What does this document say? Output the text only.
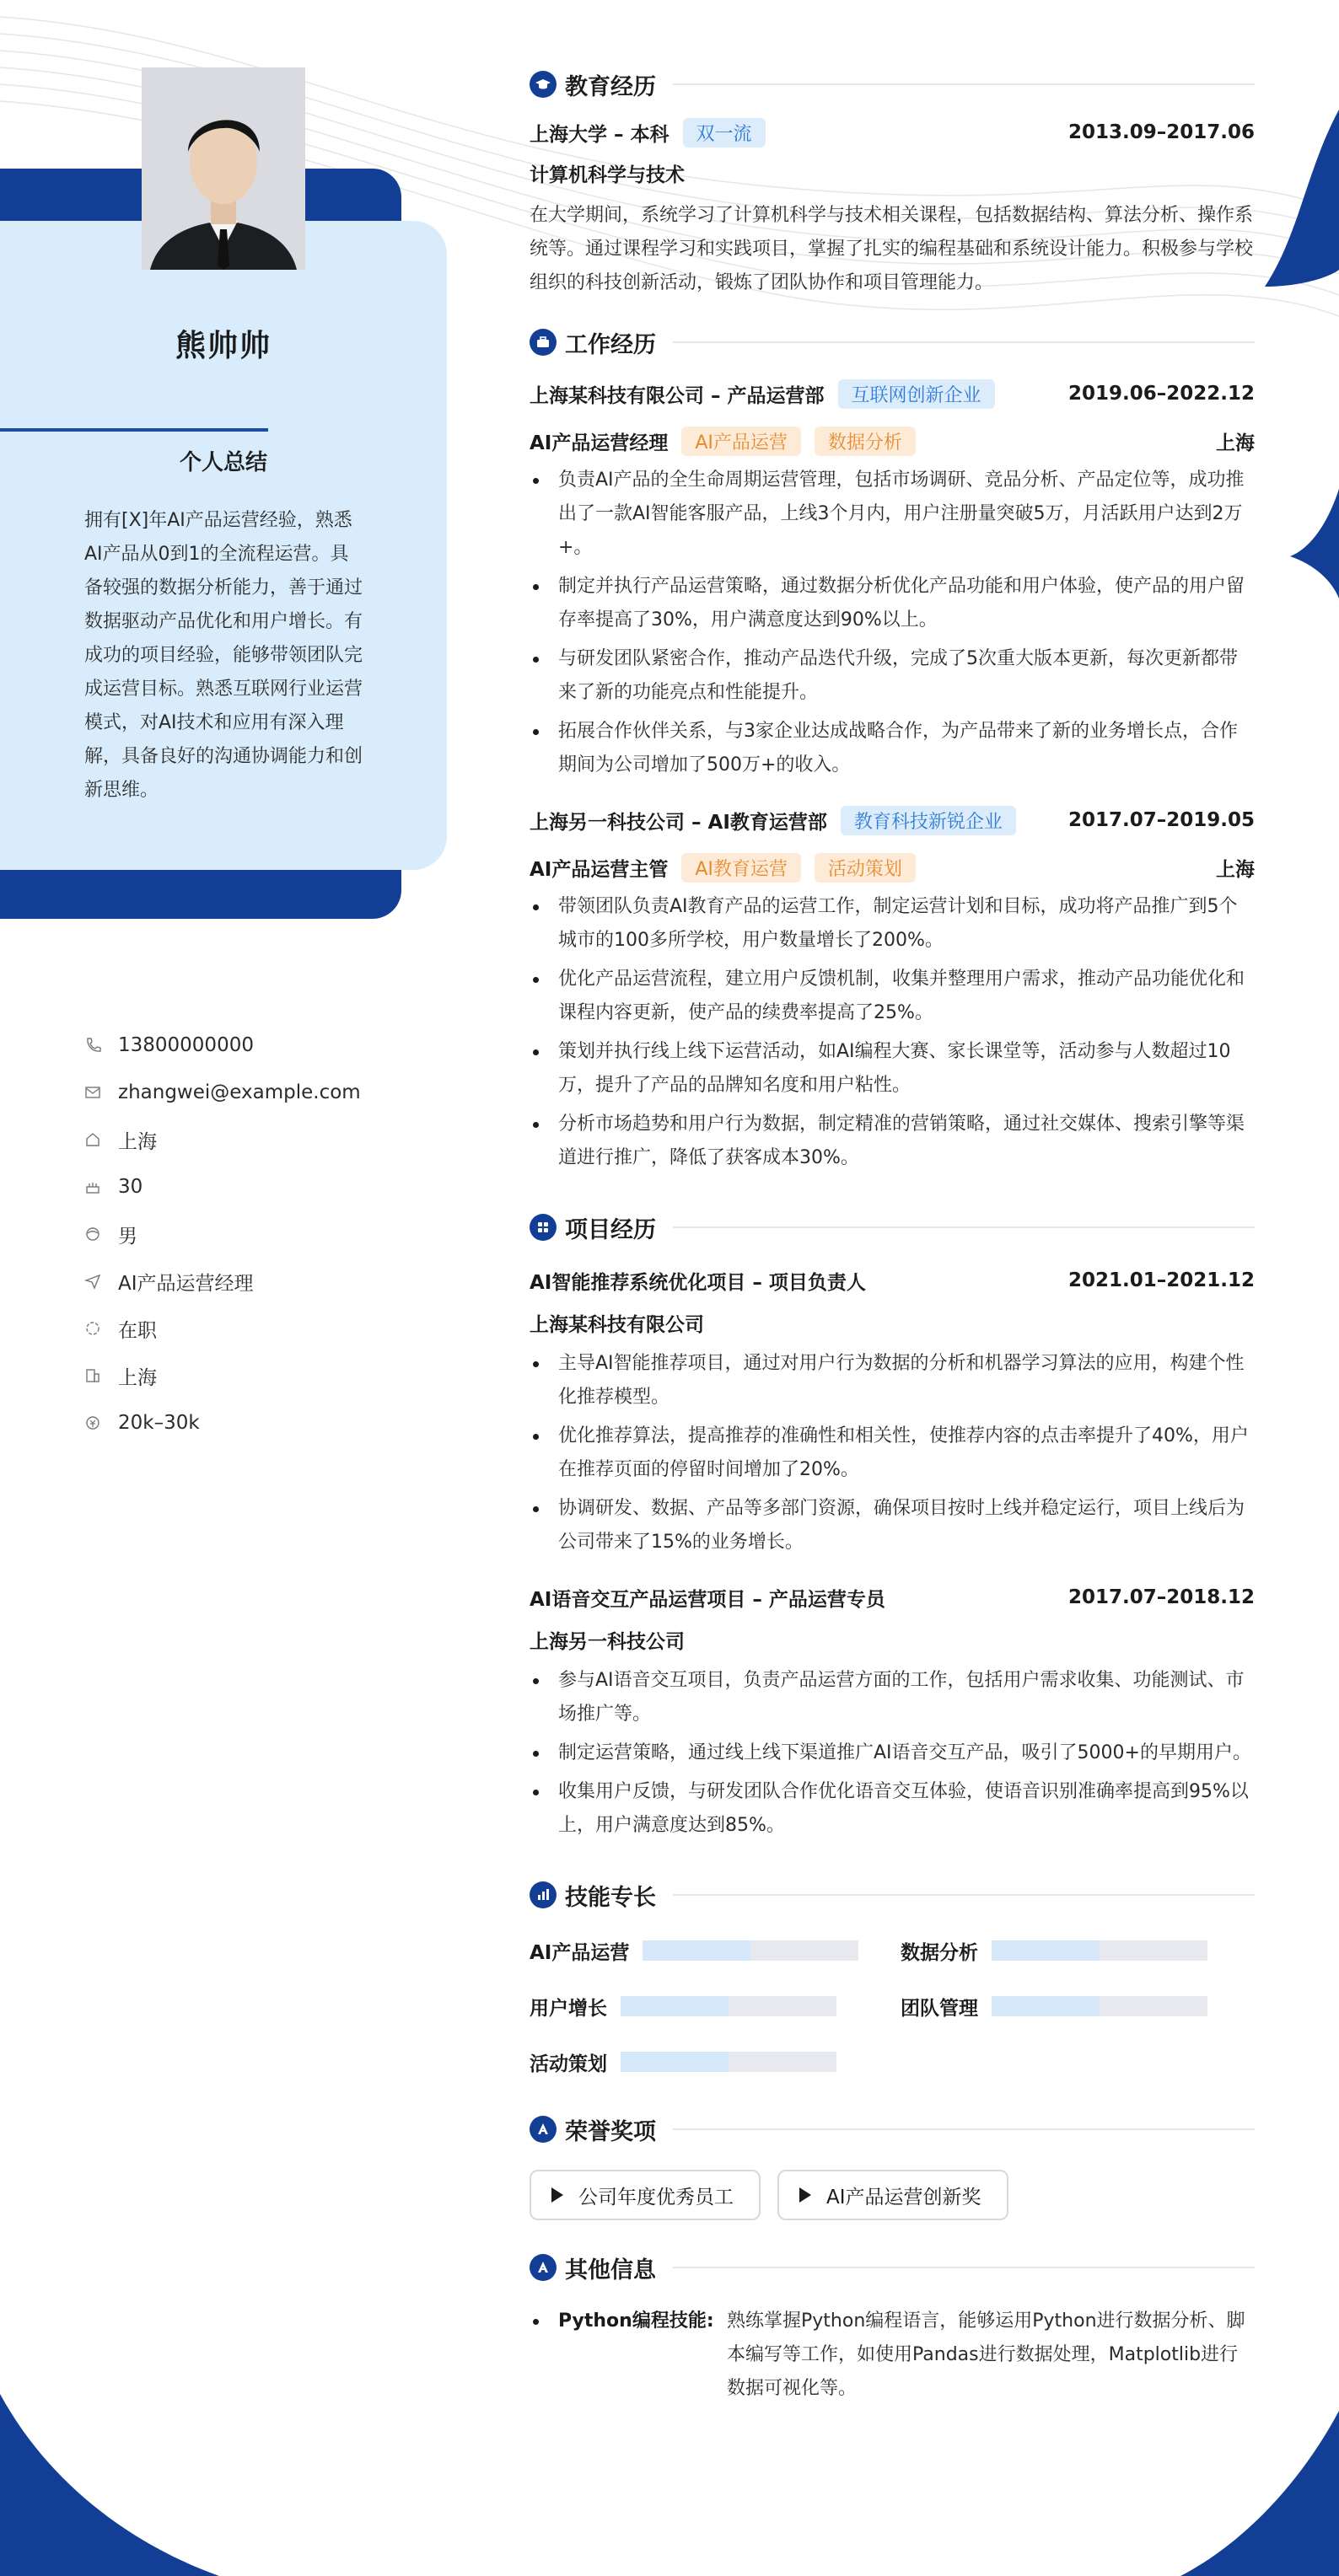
熊帅帅
个人总结
拥有[X]年AI产品运营经验，熟悉AI产品从0到1的全流程运营。具备较强的数据分析能力，善于通过数据驱动产品优化和用户增长。有成功的项目经验，能够带领团队完成运营目标。熟悉互联网行业运营模式，对AI技术和应用有深入理解，具备良好的沟通协调能力和创新思维。
13800000000
zhangwei@example.com
上海
30
男
AI产品运营经理
在职
上海
20k–30k
教育经历
上海大学 – 本科	双一流	2013.09–2017.06
计算机科学与技术
在大学期间，系统学习了计算机科学与技术相关课程，包括数据结构、算法分析、操作系统等。通过课程学习和实践项目，掌握了扎实的编程基础和系统设计能力。积极参与学校组织的科技创新活动，锻炼了团队协作和项目管理能力。
工作经历
上海某科技有限公司 – 产品运营部	互联网创新企业	2019.06–2022.12
AI产品运营经理	AI产品运营	数据分析	上海
负责AI产品的全生命周期运营管理，包括市场调研、竞品分析、产品定位等，成功推出了一款AI智能客服产品，上线3个月内，用户注册量突破5万，月活跃用户达到2万+。
制定并执行产品运营策略，通过数据分析优化产品功能和用户体验，使产品的用户留存率提高了30%，用户满意度达到90%以上。
与研发团队紧密合作，推动产品迭代升级，完成了5次重大版本更新，每次更新都带来了新的功能亮点和性能提升。
拓展合作伙伴关系，与3家企业达成战略合作，为产品带来了新的业务增长点，合作期间为公司增加了500万+的收入。
上海另一科技公司 – AI教育运营部	教育科技新锐企业	2017.07–2019.05
AI产品运营主管	AI教育运营	活动策划	上海
带领团队负责AI教育产品的运营工作，制定运营计划和目标，成功将产品推广到5个城市的100多所学校，用户数量增长了200%。
优化产品运营流程，建立用户反馈机制，收集并整理用户需求，推动产品功能优化和课程内容更新，使产品的续费率提高了25%。
策划并执行线上线下运营活动，如AI编程大赛、家长课堂等，活动参与人数超过10万，提升了产品的品牌知名度和用户粘性。
分析市场趋势和用户行为数据，制定精准的营销策略，通过社交媒体、搜索引擎等渠道进行推广，降低了获客成本30%。
项目经历
AI智能推荐系统优化项目 – 项目负责人	2021.01–2021.12
上海某科技有限公司
主导AI智能推荐项目，通过对用户行为数据的分析和机器学习算法的应用，构建个性化推荐模型。
优化推荐算法，提高推荐的准确性和相关性，使推荐内容的点击率提升了40%，用户在推荐页面的停留时间增加了20%。
协调研发、数据、产品等多部门资源，确保项目按时上线并稳定运行，项目上线后为公司带来了15%的业务增长。
AI语音交互产品运营项目 – 产品运营专员	2017.07–2018.12
上海另一科技公司
参与AI语音交互项目，负责产品运营方面的工作，包括用户需求收集、功能测试、市场推广等。
制定运营策略，通过线上线下渠道推广AI语音交互产品，吸引了5000+的早期用户。
收集用户反馈，与研发团队合作优化语音交互体验，使语音识别准确率提高到95%以上，用户满意度达到85%。
技能专长
AI产品运营	数据分析
用户增长	团队管理
活动策划
荣誉奖项
公司年度优秀员工	AI产品运营创新奖
其他信息
Python编程技能: 熟练掌握Python编程语言，能够运用Python进行数据分析、脚本编写等工作，如使用Pandas进行数据处理，Matplotlib进行数据可视化等。
